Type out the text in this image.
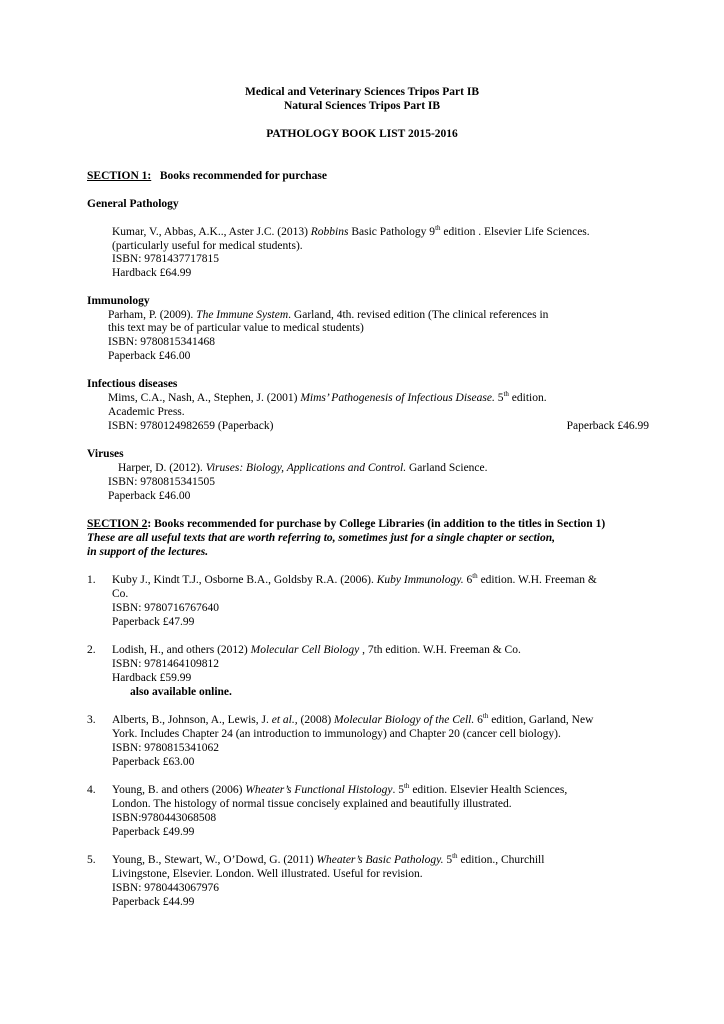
Medical and Veterinary Sciences Tripos Part IB
Natural Sciences Tripos Part IB
PATHOLOGY BOOK LIST 2015-2016
SECTION 1: Books recommended for purchase
General Pathology
Kumar, V., Abbas, A.K.., Aster J.C. (2013) Robbins Basic Pathology 9th edition . Elsevier Life Sciences.
(particularly useful for medical students).
ISBN: 9781437717815
Hardback £64.99
Immunology
Parham, P. (2009). The Immune System. Garland, 4th. revised edition (The clinical references in
this text may be of particular value to medical students)
ISBN: 9780815341468
Paperback £46.00
Infectious diseases
Mims, C.A., Nash, A., Stephen, J. (2001) Mims’ Pathogenesis of Infectious Disease. 5th edition.
Academic Press.
ISBN: 9780124982659 (Paperback)	Paperback £46.99
Viruses
Harper, D. (2012). Viruses: Biology, Applications and Control. Garland Science.
ISBN: 9780815341505
Paperback £46.00
SECTION 2: Books recommended for purchase by College Libraries (in addition to the titles in Section 1)
These are all useful texts that are worth referring to, sometimes just for a single chapter or section,
in support of the lectures.
1. Kuby J., Kindt T.J., Osborne B.A., Goldsby R.A. (2006). Kuby Immunology. 6th edition. W.H. Freeman &
Co.
ISBN: 9780716767640
Paperback £47.99
2. Lodish, H., and others (2012) Molecular Cell Biology , 7th edition. W.H. Freeman & Co.
ISBN: 9781464109812
Hardback £59.99
also available online.
3. Alberts, B., Johnson, A., Lewis, J. et al., (2008) Molecular Biology of the Cell. 6th edition, Garland, New
York. Includes Chapter 24 (an introduction to immunology) and Chapter 20 (cancer cell biology).
ISBN: 9780815341062
Paperback £63.00
4. Young, B. and others (2006) Wheater’s Functional Histology. 5th edition. Elsevier Health Sciences,
London. The histology of normal tissue concisely explained and beautifully illustrated.
ISBN:9780443068508
Paperback £49.99
5. Young, B., Stewart, W., O’Dowd, G. (2011) Wheater’s Basic Pathology. 5th edition., Churchill
Livingstone, Elsevier. London. Well illustrated. Useful for revision.
ISBN: 9780443067976
Paperback £44.99
